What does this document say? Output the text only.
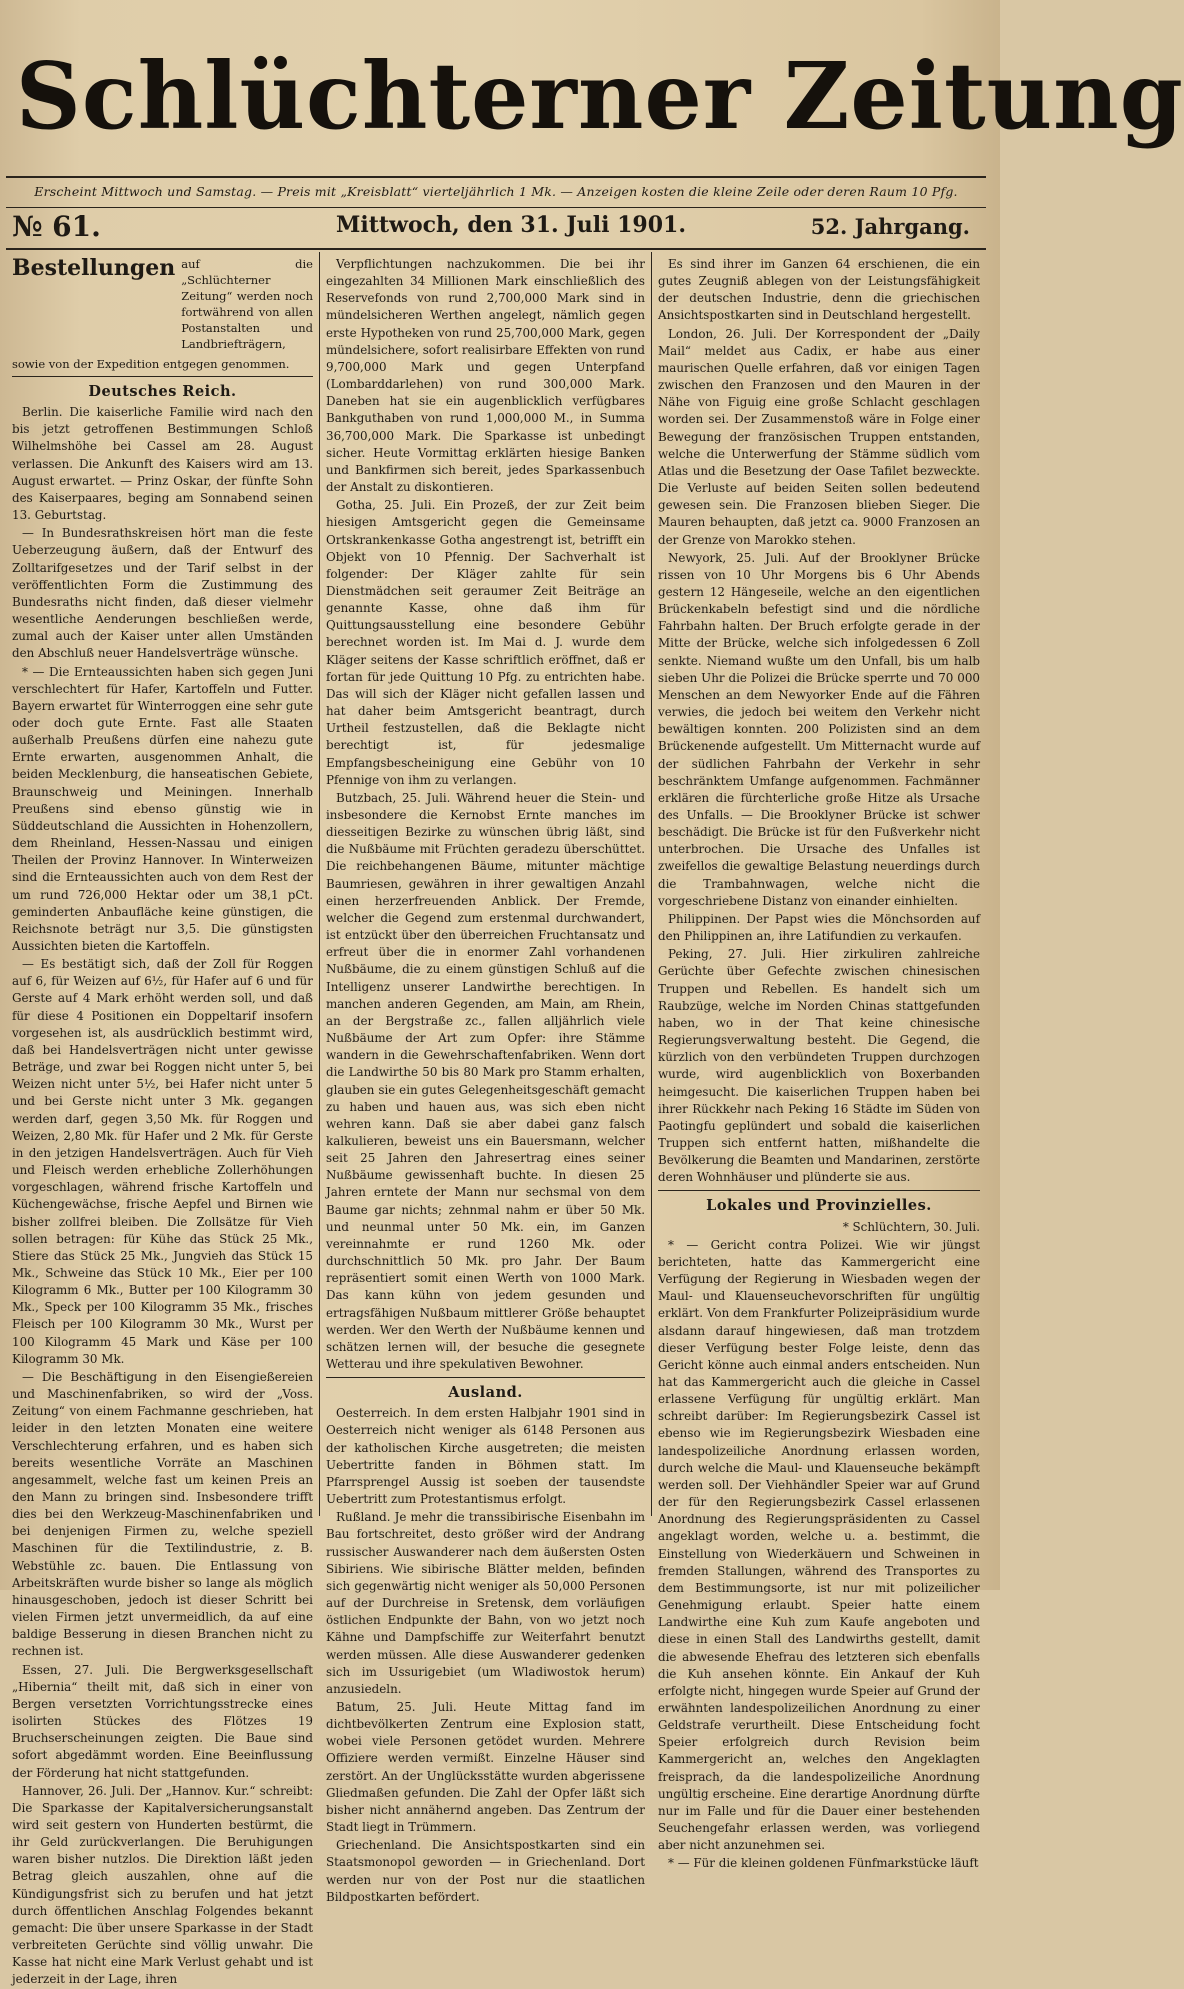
Schlüchterner Zeitung
Erscheint Mittwoch und Samstag. — Preis mit „Kreisblatt“ vierteljährlich 1 Mk. — Anzeigen kosten die kleine Zeile oder deren Raum 10 Pfg.
№ 61.	Mittwoch, den 31. Juli 1901.	52. Jahrgang.
Bestellungen auf die „Schlüchterner Zeitung“ werden noch fortwährend von allen Postanstalten und Landbriefträgern,
sowie von der Expedition entgegen genommen.
Deutsches Reich.

Berlin. Die kaiserliche Familie wird nach den bis jetzt getroffenen Bestimmungen Schloß Wilhelmshöhe bei Cassel am 28. August verlassen. Die Ankunft des Kaisers wird am 13. August erwartet. — Prinz Oskar, der fünfte Sohn des Kaiserpaares, beging am Sonnabend seinen 13. Geburtstag.

— In Bundesrathskreisen hört man die feste Ueberzeugung äußern, daß der Entwurf des Zolltarifgesetzes und der Tarif selbst in der veröffentlichten Form die Zustimmung des Bundesraths nicht finden, daß dieser vielmehr wesentliche Aenderungen beschließen werde, zumal auch der Kaiser unter allen Umständen den Abschluß neuer Handelsverträge wünsche.

* — Die Ernteaussichten haben sich gegen Juni verschlechtert für Hafer, Kartoffeln und Futter. Bayern erwartet für Winterroggen eine sehr gute oder doch gute Ernte. Fast alle Staaten außerhalb Preußens dürfen eine nahezu gute Ernte erwarten, ausgenommen Anhalt, die beiden Mecklenburg, die hanseatischen Gebiete, Braunschweig und Meiningen. Innerhalb Preußens sind ebenso günstig wie in Süddeutschland die Aussichten in Hohenzollern, dem Rheinland, Hessen-Nassau und einigen Theilen der Provinz Hannover. In Winterweizen sind die Ernteaussichten auch von dem Rest der um rund 726,000 Hektar oder um 38,1 pCt. geminderten Anbaufläche keine günstigen, die Reichsnote beträgt nur 3,5. Die günstigsten Aussichten bieten die Kartoffeln.

— Es bestätigt sich, daß der Zoll für Roggen auf 6, für Weizen auf 6½, für Hafer auf 6 und für Gerste auf 4 Mark erhöht werden soll, und daß für diese 4 Positionen ein Doppeltarif insofern vorgesehen ist, als ausdrücklich bestimmt wird, daß bei Handelsverträgen nicht unter gewisse Beträge, und zwar bei Roggen nicht unter 5, bei Weizen nicht unter 5½, bei Hafer nicht unter 5 und bei Gerste nicht unter 3 Mk. gegangen werden darf, gegen 3,50 Mk. für Roggen und Weizen, 2,80 Mk. für Hafer und 2 Mk. für Gerste in den jetzigen Handelsverträgen. Auch für Vieh und Fleisch werden erhebliche Zollerhöhungen vorgeschlagen, während frische Kartoffeln und Küchengewächse, frische Aepfel und Birnen wie bisher zollfrei bleiben. Die Zollsätze für Vieh sollen betragen: für Kühe das Stück 25 Mk., Stiere das Stück 25 Mk., Jungvieh das Stück 15 Mk., Schweine das Stück 10 Mk., Eier per 100 Kilogramm 6 Mk., Butter per 100 Kilogramm 30 Mk., Speck per 100 Kilogramm 35 Mk., frisches Fleisch per 100 Kilogramm 30 Mk., Wurst per 100 Kilogramm 45 Mark und Käse per 100 Kilogramm 30 Mk.

— Die Beschäftigung in den Eisengießereien und Maschinenfabriken, so wird der „Voss. Zeitung“ von einem Fachmanne geschrieben, hat leider in den letzten Monaten eine weitere Verschlechterung erfahren, und es haben sich bereits wesentliche Vorräte an Maschinen angesammelt, welche fast um keinen Preis an den Mann zu bringen sind. Insbesondere trifft dies bei den Werkzeug-Maschinenfabriken und bei denjenigen Firmen zu, welche speziell Maschinen für die Textilindustrie, z. B. Webstühle zc. bauen. Die Entlassung von Arbeitskräften wurde bisher so lange als möglich hinausgeschoben, jedoch ist dieser Schritt bei vielen Firmen jetzt unvermeidlich, da auf eine baldige Besserung in diesen Branchen nicht zu rechnen ist.

Essen, 27. Juli. Die Bergwerksgesellschaft „Hibernia“ theilt mit, daß sich in einer von Bergen versetzten Vorrichtungsstrecke eines isolirten Stückes des Flötzes 19 Bruchserscheinungen zeigten. Die Baue sind sofort abgedämmt worden. Eine Beeinflussung der Förderung hat nicht stattgefunden.

Hannover, 26. Juli. Der „Hannov. Kur.“ schreibt: Die Sparkasse der Kapitalversicherungsanstalt wird seit gestern von Hunderten bestürmt, die ihr Geld zurückverlangen. Die Beruhigungen waren bisher nutzlos. Die Direktion läßt jeden Betrag gleich auszahlen, ohne auf die Kündigungsfrist sich zu berufen und hat jetzt durch öffentlichen Anschlag Folgendes bekannt gemacht: Die über unsere Sparkasse in der Stadt verbreiteten Gerüchte sind völlig unwahr. Die Kasse hat nicht eine Mark Verlust gehabt und ist jederzeit in der Lage, ihren

Verpflichtungen nachzukommen. Die bei ihr eingezahlten 34 Millionen Mark einschließlich des Reservefonds von rund 2,700,000 Mark sind in mündelsicheren Werthen angelegt, nämlich gegen erste Hypotheken von rund 25,700,000 Mark, gegen mündelsichere, sofort realisirbare Effekten von rund 9,700,000 Mark und gegen Unterpfand (Lombarddarlehen) von rund 300,000 Mark. Daneben hat sie ein augenblicklich verfügbares Bankguthaben von rund 1,000,000 M., in Summa 36,700,000 Mark. Die Sparkasse ist unbedingt sicher. Heute Vormittag erklärten hiesige Banken und Bankfirmen sich bereit, jedes Sparkassenbuch der Anstalt zu diskontieren.

Gotha, 25. Juli. Ein Prozeß, der zur Zeit beim hiesigen Amtsgericht gegen die Gemeinsame Ortskrankenkasse Gotha angestrengt ist, betrifft ein Objekt von 10 Pfennig. Der Sachverhalt ist folgender: Der Kläger zahlte für sein Dienstmädchen seit geraumer Zeit Beiträge an genannte Kasse, ohne daß ihm für Quittungsausstellung eine besondere Gebühr berechnet worden ist. Im Mai d. J. wurde dem Kläger seitens der Kasse schriftlich eröffnet, daß er fortan für jede Quittung 10 Pfg. zu entrichten habe. Das will sich der Kläger nicht gefallen lassen und hat daher beim Amtsgericht beantragt, durch Urtheil festzustellen, daß die Beklagte nicht berechtigt ist, für jedesmalige Empfangsbescheinigung eine Gebühr von 10 Pfennige von ihm zu verlangen.

Butzbach, 25. Juli. Während heuer die Stein- und insbesondere die Kernobst Ernte manches im diesseitigen Bezirke zu wünschen übrig läßt, sind die Nußbäume mit Früchten geradezu überschüttet. Die reichbehangenen Bäume, mitunter mächtige Baumriesen, gewähren in ihrer gewaltigen Anzahl einen herzerfreuenden Anblick. Der Fremde, welcher die Gegend zum erstenmal durchwandert, ist entzückt über den überreichen Fruchtansatz und erfreut über die in enormer Zahl vorhandenen Nußbäume, die zu einem günstigen Schluß auf die Intelligenz unserer Landwirthe berechtigen. In manchen anderen Gegenden, am Main, am Rhein, an der Bergstraße zc., fallen alljährlich viele Nußbäume der Art zum Opfer: ihre Stämme wandern in die Gewehrschaftenfabriken. Wenn dort die Landwirthe 50 bis 80 Mark pro Stamm erhalten, glauben sie ein gutes Gelegenheitsgeschäft gemacht zu haben und hauen aus, was sich eben nicht wehren kann. Daß sie aber dabei ganz falsch kalkulieren, beweist uns ein Bauersmann, welcher seit 25 Jahren den Jahresertrag eines seiner Nußbäume gewissenhaft buchte. In diesen 25 Jahren erntete der Mann nur sechsmal von dem Baume gar nichts; zehnmal nahm er über 50 Mk. und neunmal unter 50 Mk. ein, im Ganzen vereinnahmte er rund 1260 Mk. oder durchschnittlich 50 Mk. pro Jahr. Der Baum repräsentiert somit einen Werth von 1000 Mark. Das kann kühn von jedem gesunden und ertragsfähigen Nußbaum mittlerer Größe behauptet werden. Wer den Werth der Nußbäume kennen und schätzen lernen will, der besuche die gesegnete Wetterau und ihre spekulativen Bewohner.

Ausland.

Oesterreich. In dem ersten Halbjahr 1901 sind in Oesterreich nicht weniger als 6148 Personen aus der katholischen Kirche ausgetreten; die meisten Uebertritte fanden in Böhmen statt. Im Pfarrsprengel Aussig ist soeben der tausendste Uebertritt zum Protestantismus erfolgt.

Rußland. Je mehr die transsibirische Eisenbahn im Bau fortschreitet, desto größer wird der Andrang russischer Auswanderer nach dem äußersten Osten Sibiriens. Wie sibirische Blätter melden, befinden sich gegenwärtig nicht weniger als 50,000 Personen auf der Durchreise in Sretensk, dem vorläufigen östlichen Endpunkte der Bahn, von wo jetzt noch Kähne und Dampfschiffe zur Weiterfahrt benutzt werden müssen. Alle diese Auswanderer gedenken sich im Ussurigebiet (um Wladiwostok herum) anzusiedeln.

Batum, 25. Juli. Heute Mittag fand im dichtbevölkerten Zentrum eine Explosion statt, wobei viele Personen getödet wurden. Mehrere Offiziere werden vermißt. Einzelne Häuser sind zerstört. An der Unglücksstätte wurden abgerissene Gliedmaßen gefunden. Die Zahl der Opfer läßt sich bisher nicht annähernd angeben. Das Zentrum der Stadt liegt in Trümmern.

Griechenland. Die Ansichtspostkarten sind ein Staatsmonopol geworden — in Griechenland. Dort werden nur von der Post nur die staatlichen Bildpostkarten befördert.

Es sind ihrer im Ganzen 64 erschienen, die ein gutes Zeugniß ablegen von der Leistungsfähigkeit der deutschen Industrie, denn die griechischen Ansichtspostkarten sind in Deutschland hergestellt.

London, 26. Juli. Der Korrespondent der „Daily Mail“ meldet aus Cadix, er habe aus einer maurischen Quelle erfahren, daß vor einigen Tagen zwischen den Franzosen und den Mauren in der Nähe von Figuig eine große Schlacht geschlagen worden sei. Der Zusammenstoß wäre in Folge einer Bewegung der französischen Truppen entstanden, welche die Unterwerfung der Stämme südlich vom Atlas und die Besetzung der Oase Tafilet bezweckte. Die Verluste auf beiden Seiten sollen bedeutend gewesen sein. Die Franzosen blieben Sieger. Die Mauren behaupten, daß jetzt ca. 9000 Franzosen an der Grenze von Marokko stehen.

Newyork, 25. Juli. Auf der Brooklyner Brücke rissen von 10 Uhr Morgens bis 6 Uhr Abends gestern 12 Hängeseile, welche an den eigentlichen Brückenkabeln befestigt sind und die nördliche Fahrbahn halten. Der Bruch erfolgte gerade in der Mitte der Brücke, welche sich infolgedessen 6 Zoll senkte. Niemand wußte um den Unfall, bis um halb sieben Uhr die Polizei die Brücke sperrte und 70 000 Menschen an dem Newyorker Ende auf die Fähren verwies, die jedoch bei weitem den Verkehr nicht bewältigen konnten. 200 Polizisten sind an dem Brückenende aufgestellt. Um Mitternacht wurde auf der südlichen Fahrbahn der Verkehr in sehr beschränktem Umfange aufgenommen. Fachmänner erklären die fürchterliche große Hitze als Ursache des Unfalls. — Die Brooklyner Brücke ist schwer beschädigt. Die Brücke ist für den Fußverkehr nicht unterbrochen. Die Ursache des Unfalles ist zweifellos die gewaltige Belastung neuerdings durch die Trambahnwagen, welche nicht die vorgeschriebene Distanz von einander einhielten.

Philippinen. Der Papst wies die Mönchsorden auf den Philippinen an, ihre Latifundien zu verkaufen.

Peking, 27. Juli. Hier zirkuliren zahlreiche Gerüchte über Gefechte zwischen chinesischen Truppen und Rebellen. Es handelt sich um Raubzüge, welche im Norden Chinas stattgefunden haben, wo in der That keine chinesische Regierungsverwaltung besteht. Die Gegend, die kürzlich von den verbündeten Truppen durchzogen wurde, wird augenblicklich von Boxerbanden heimgesucht. Die kaiserlichen Truppen haben bei ihrer Rückkehr nach Peking 16 Städte im Süden von Paotingfu geplündert und sobald die kaiserlichen Truppen sich entfernt hatten, mißhandelte die Bevölkerung die Beamten und Mandarinen, zerstörte deren Wohnhäuser und plünderte sie aus.

Lokales und Provinzielles.

* Schlüchtern, 30. Juli.

* — Gericht contra Polizei. Wie wir jüngst berichteten, hatte das Kammergericht eine Verfügung der Regierung in Wiesbaden wegen der Maul- und Klauenseuchevorschriften für ungültig erklärt. Von dem Frankfurter Polizeipräsidium wurde alsdann darauf hingewiesen, daß man trotzdem dieser Verfügung bester Folge leiste, denn das Gericht könne auch einmal anders entscheiden. Nun hat das Kammergericht auch die gleiche in Cassel erlassene Verfügung für ungültig erklärt. Man schreibt darüber: Im Regierungsbezirk Cassel ist ebenso wie im Regierungsbezirk Wiesbaden eine landespolizeiliche Anordnung erlassen worden, durch welche die Maul- und Klauenseuche bekämpft werden soll. Der Viehhändler Speier war auf Grund der für den Regierungsbezirk Cassel erlassenen Anordnung des Regierungspräsidenten zu Cassel angeklagt worden, welche u. a. bestimmt, die Einstellung von Wiederkäuern und Schweinen in fremden Stallungen, während des Transportes zu dem Bestimmungsorte, ist nur mit polizeilicher Genehmigung erlaubt. Speier hatte einem Landwirthe eine Kuh zum Kaufe angeboten und diese in einen Stall des Landwirths gestellt, damit die abwesende Ehefrau des letzteren sich ebenfalls die Kuh ansehen könnte. Ein Ankauf der Kuh erfolgte nicht, hingegen wurde Speier auf Grund der erwähnten landespolizeilichen Anordnung zu einer Geldstrafe verurtheilt. Diese Entscheidung focht Speier erfolgreich durch Revision beim Kammergericht an, welches den Angeklagten freisprach, da die landespolizeiliche Anordnung ungültig erscheine. Eine derartige Anordnung dürfte nur im Falle und für die Dauer einer bestehenden Seuchengefahr erlassen werden, was vorliegend aber nicht anzunehmen sei.

* — Für die kleinen goldenen Fünfmarkstücke läuft
